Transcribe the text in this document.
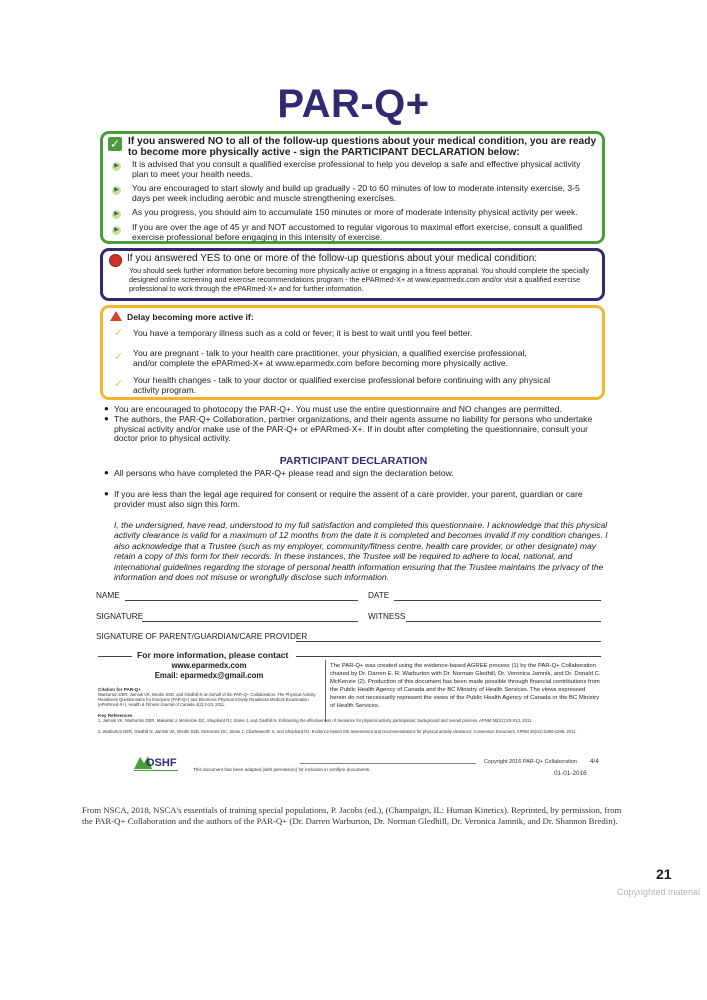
PAR-Q+
✓ If you answered NO to all of the follow-up questions about your medical condition, you are ready to become more physically active - sign the PARTICIPANT DECLARATION below:
▶ It is advised that you consult a qualified exercise professional to help you develop a safe and effective physical activity plan to meet your health needs.
▶ You are encouraged to start slowly and build up gradually - 20 to 60 minutes of low to moderate intensity exercise, 3-5 days per week including aerobic and muscle strengthening exercises.
▶ As you progress, you should aim to accumulate 150 minutes or more of moderate intensity physical activity per week.
▶ If you are over the age of 45 yr and NOT accustomed to regular vigorous to maximal effort exercise, consult a qualified exercise professional before engaging in this intensity of exercise.
If you answered YES to one or more of the follow-up questions about your medical condition:
You should seek further information before becoming more physically active or engaging in a fitness appraisal. You should complete the specially designed online screening and exercise recommendations program - the ePARmed-X+ at www.eparmedx.com and/or visit a qualified exercise professional to work through the ePARmed-X+ and for further information.
Delay becoming more active if:
✓ You have a temporary illness such as a cold or fever; it is best to wait until you feel better.
✓ You are pregnant - talk to your health care practitioner, your physician, a qualified exercise professional, and/or complete the ePARmed-X+ at www.eparmedx.com before becoming more physically active.
✓ Your health changes - talk to your doctor or qualified exercise professional before continuing with any physical activity program.
● You are encouraged to photocopy the PAR-Q+. You must use the entire questionnaire and NO changes are permitted.
● The authors, the PAR-Q+ Collaboration, partner organizations, and their agents assume no liability for persons who undertake physical activity and/or make use of the PAR-Q+ or ePARmed-X+. If in doubt after completing the questionnaire, consult your doctor prior to physical activity.
PARTICIPANT DECLARATION
● All persons who have completed the PAR-Q+ please read and sign the declaration below.
● If you are less than the legal age required for consent or require the assent of a care provider, your parent, guardian or care provider must also sign this form.
I, the undersigned, have read, understood to my full satisfaction and completed this questionnaire. I acknowledge that this physical activity clearance is valid for a maximum of 12 months from the date it is completed and becomes invalid if my condition changes. I also acknowledge that a Trustee (such as my employer, community/fitness centre, health care provider, or other designate) may retain a copy of this form for their records. In these instances, the Trustee will be required to adhere to local, national, and international guidelines regarding the storage of personal health information ensuring that the Trustee maintains the privacy of the information and does not misuse or wrongfully disclose such information.
NAME	DATE
SIGNATURE	WITNESS
SIGNATURE OF PARENT/GUARDIAN/CARE PROVIDER
For more information, please contact
www.eparmedx.com
Email: eparmedx@gmail.com
The PAR-Q+ was created using the evidence-based AGREE process (1) by the PAR-Q+ Collaboration chaired by Dr. Darren E. R. Warburton with Dr. Norman Gledhill, Dr. Veronica Jamnik, and Dr. Donald C. McKenzie (2). Production of this document has been made possible through financial contributions from the Public Health Agency of Canada and the BC Ministry of Health Services. The views expressed herein do not necessarily represent the views of the Public Health Agency of Canada or the BC Ministry of Health Services.
Citation for PAR-Q+
Warburton DER, Jamnik VK, Bredin SSD, and Gledhill N on behalf of the PAR-Q+ Collaboration. The Physical Activity Readiness Questionnaire for Everyone (PAR-Q+) and Electronic Physical Activity Readiness Medical Examination (ePARmed-X+). Health & Fitness Journal of Canada 4(2):3-23, 2011.
Key References
1. Jamnik VK, Warburton DER, Makarski J, McKenzie DC, Shephard RJ, Stone J, and Gledhill N. Enhancing the effectiveness of clearance for physical activity participation; background and overall process. APNM 36(S1):S3-S13, 2011.
2. Warburton DER, Gledhill N, Jamnik VK, Bredin SSD, McKenzie DC, Stone J, Charlesworth S, and Shephard RJ. Evidence-based risk assessment and recommendations for physical activity clearance; Consensus Document. APNM 36(S1):S266-s298, 2011.
OSHF
This document has been adapted (with permission) for inclusion in certifyre documents.
Copyright 2016 PAR-Q+ Collaboration 4/4
01-01-2016
From NSCA, 2018, NSCA's essentials of training special populations, P. Jacobs (ed.), (Champaign, IL: Human Kinetics). Reprinted, by permission, from the PAR-Q+ Collaboration and the authors of the PAR-Q+ (Dr. Darren Warburton, Dr. Norman Gledhill, Dr. Veronica Jamnik, and Dr. Shannon Bredin).
21
Copyrighted material
